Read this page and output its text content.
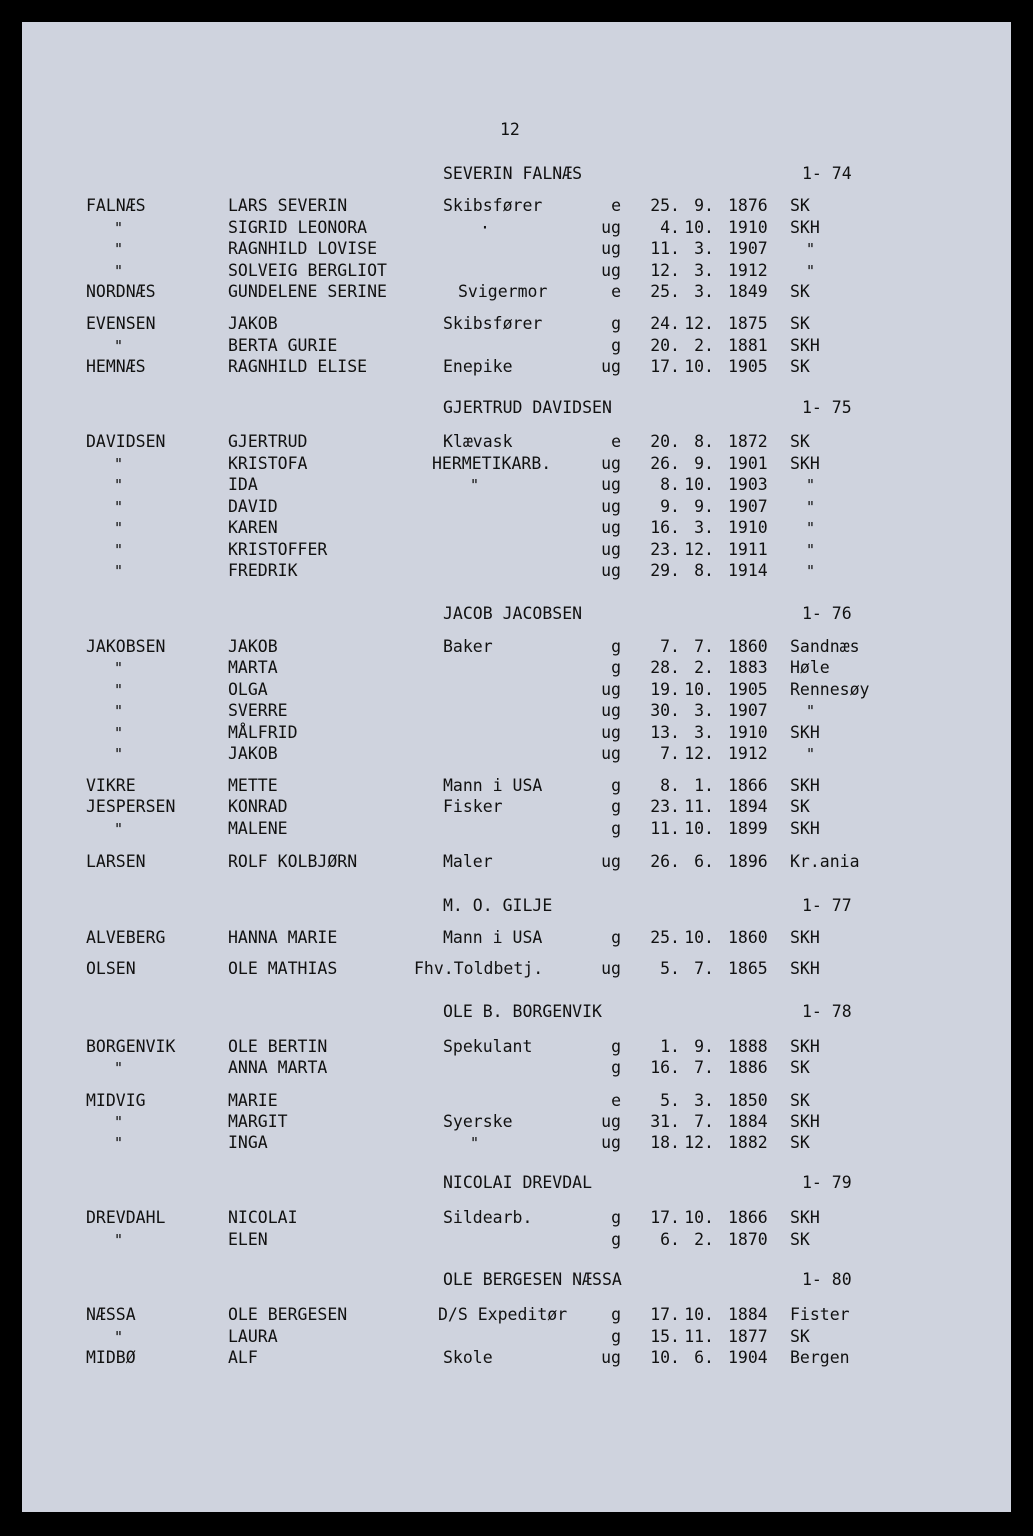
12
SEVERIN FALNÆS	1- 74
FALNÆS	LARS SEVERIN	Skibsfører	e 25. 9. 1876 SK
"	SIGRID LEONORA	·	ug 4. 10. 1910 SKH
"	RAGNHILD LOVISE	ug 11. 3. 1907	"
"	SOLVEIG BERGLIOT	ug 12. 3. 1912	"
NORDNÆS	GUNDELENE SERINE	Svigermor	e 25. 3. 1849 SK
EVENSEN	JAKOB	Skibsfører	g 24. 12. 1875 SK
"	BERTA GURIE	g 20. 2. 1881 SKH
HEMNÆS	RAGNHILD ELISE	Enepike	ug 17. 10. 1905 SK
GJERTRUD DAVIDSEN	1- 75
DAVIDSEN	GJERTRUD	Klævask	e 20. 8. 1872 SK
"	KRISTOFA	HERMETIKARB.	ug 26. 9. 1901 SKH
"	IDA	"	ug 8. 10. 1903	"
"	DAVID	ug 9. 9. 1907	"
"	KAREN	ug 16. 3. 1910	"
"	KRISTOFFER	ug 23. 12. 1911	"
"	FREDRIK	ug 29. 8. 1914	"
JACOB JACOBSEN	1- 76
JAKOBSEN	JAKOB	Baker	g 7. 7. 1860 Sandnæs
"	MARTA	g 28. 2. 1883 Høle
"	OLGA	ug 19. 10. 1905 Rennesøy
"	SVERRE	ug 30. 3. 1907	"
"	MÅLFRID	ug 13. 3. 1910 SKH
"	JAKOB	ug 7. 12. 1912	"
VIKRE	METTE	Mann i USA	g 8. 1. 1866 SKH
JESPERSEN	KONRAD	Fisker	g 23. 11. 1894 SK
"	MALENE	g 11. 10. 1899 SKH
LARSEN	ROLF KOLBJØRN	Maler	ug 26. 6. 1896 Kr.ania
M. O. GILJE	1- 77
ALVEBERG	HANNA MARIE	Mann i USA	g 25. 10. 1860 SKH
OLSEN	OLE MATHIAS	Fhv.Toldbetj.	ug 5. 7. 1865 SKH
OLE B. BORGENVIK	1- 78
BORGENVIK	OLE BERTIN	Spekulant	g 1. 9. 1888 SKH
"	ANNA MARTA	g 16. 7. 1886 SK
MIDVIG	MARIE	e 5. 3. 1850 SK
"	MARGIT	Syerske	ug 31. 7. 1884 SKH
"	INGA	"	ug 18. 12. 1882 SK
NICOLAI DREVDAL	1- 79
DREVDAHL	NICOLAI	Sildearb.	g 17. 10. 1866 SKH
"	ELEN	g 6. 2. 1870 SK
OLE BERGESEN NÆSSA	1- 80
NÆSSA	OLE BERGESEN	D/S Expeditør	g 17. 10. 1884 Fister
"	LAURA	g 15. 11. 1877 SK
MIDBØ	ALF	Skole	ug 10. 6. 1904 Bergen
